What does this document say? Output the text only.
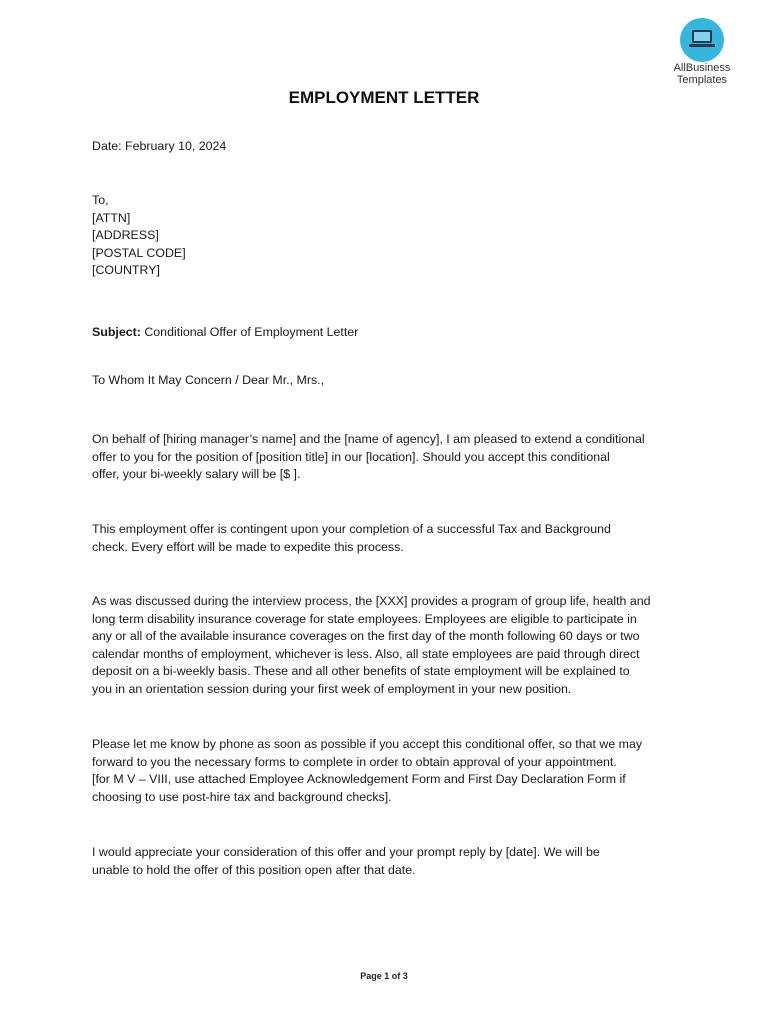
AllBusiness
Templates
EMPLOYMENT LETTER

Date: February 10, 2024

To,
[ATTN]
[ADDRESS]
[POSTAL CODE]
[COUNTRY]

Subject: Conditional Offer of Employment Letter

To Whom It May Concern / Dear Mr., Mrs.,

On behalf of [hiring manager’s name] and the [name of agency], I am pleased to extend a conditional
offer to you for the position of [position title] in our [location]. Should you accept this conditional
offer, your bi-weekly salary will be [$ ].
This employment offer is contingent upon your completion of a successful Tax and Background
check. Every effort will be made to expedite this process.
As was discussed during the interview process, the [XXX] provides a program of group life, health and
long term disability insurance coverage for state employees. Employees are eligible to participate in
any or all of the available insurance coverages on the first day of the month following 60 days or two
calendar months of employment, whichever is less. Also, all state employees are paid through direct
deposit on a bi-weekly basis. These and all other benefits of state employment will be explained to
you in an orientation session during your first week of employment in your new position.
Please let me know by phone as soon as possible if you accept this conditional offer, so that we may
forward to you the necessary forms to complete in order to obtain approval of your appointment.
[for M V – VIII, use attached Employee Acknowledgement Form and First Day Declaration Form if
choosing to use post-hire tax and background checks].
I would appreciate your consideration of this offer and your prompt reply by [date]. We will be
unable to hold the offer of this position open after that date.
Page 1 of 3
